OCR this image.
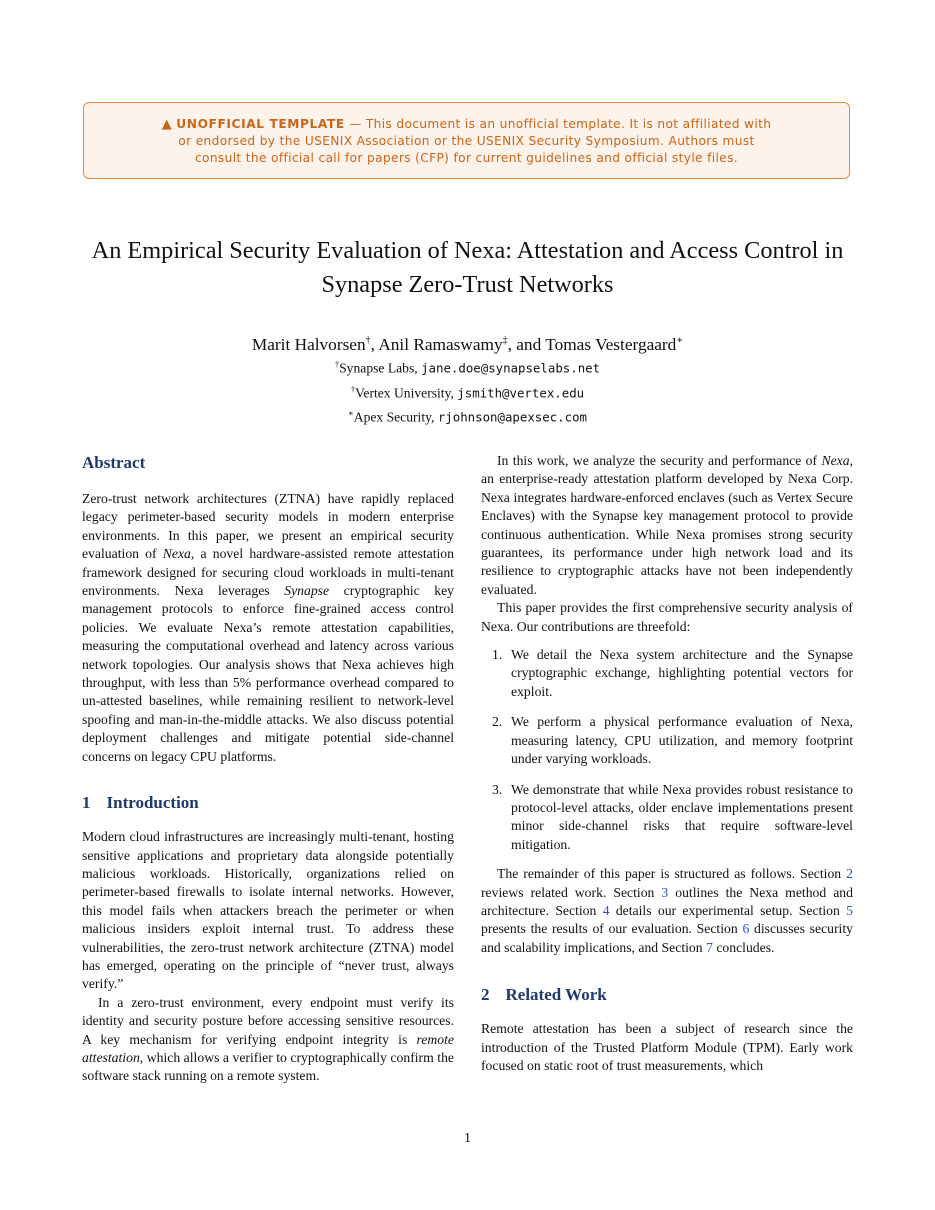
▲ UNOFFICIAL TEMPLATE — This document is an unofficial template. It is not affiliated with or endorsed by the USENIX Association or the USENIX Security Symposium. Authors must consult the official call for papers (CFP) for current guidelines and official style files.
An Empirical Security Evaluation of Nexa: Attestation and Access Control in Synapse Zero-Trust Networks
Marit Halvorsen†, Anil Ramaswamy‡, and Tomas Vestergaard∗

†Synapse Labs, jane.doe@synapselabs.net

†Vertex University, jsmith@vertex.edu

∗Apex Security, rjohnson@apexsec.com

Abstract

Zero-trust network architectures (ZTNA) have rapidly replaced legacy perimeter-based security models in modern enterprise environments. In this paper, we present an empirical security evaluation of Nexa, a novel hardware-assisted remote attestation framework designed for securing cloud workloads in multi-tenant environments. Nexa leverages Synapse cryptographic key management protocols to enforce fine-grained access control policies. We evaluate Nexa’s remote attestation capabilities, measuring the computational overhead and latency across various network topologies. Our analysis shows that Nexa achieves high throughput, with less than 5% performance overhead compared to un-attested baselines, while remaining resilient to network-level spoofing and man-in-the-middle attacks. We also discuss potential deployment challenges and mitigate potential side-channel concerns on legacy CPU platforms.

1 Introduction

Modern cloud infrastructures are increasingly multi-tenant, hosting sensitive applications and proprietary data alongside potentially malicious workloads. Historically, organizations relied on perimeter-based firewalls to isolate internal networks. However, this model fails when attackers breach the perimeter or when malicious insiders exploit internal trust. To address these vulnerabilities, the zero-trust network architecture (ZTNA) model has emerged, operating on the principle of “never trust, always verify.”

In a zero-trust environment, every endpoint must verify its identity and security posture before accessing sensitive resources. A key mechanism for verifying endpoint integrity is remote attestation, which allows a verifier to cryptographically confirm the software stack running on a remote system.

In this work, we analyze the security and performance of Nexa, an enterprise-ready attestation platform developed by Nexa Corp. Nexa integrates hardware-enforced enclaves (such as Vertex Secure Enclaves) with the Synapse key management protocol to provide continuous authentication. While Nexa promises strong security guarantees, its performance under high network load and its resilience to cryptographic attacks have not been independently evaluated.

This paper provides the first comprehensive security analysis of Nexa. Our contributions are threefold:

1. We detail the Nexa system architecture and the Synapse cryptographic exchange, highlighting potential vectors for exploit.
2. We perform a physical performance evaluation of Nexa, measuring latency, CPU utilization, and memory footprint under varying workloads.
3. We demonstrate that while Nexa provides robust resistance to protocol-level attacks, older enclave implementations present minor side-channel risks that require software-level mitigation.

The remainder of this paper is structured as follows. Section 2 reviews related work. Section 3 outlines the Nexa method and architecture. Section 4 details our experimental setup. Section 5 presents the results of our evaluation. Section 6 discusses security and scalability implications, and Section 7 concludes.

2 Related Work

Remote attestation has been a subject of research since the introduction of the Trusted Platform Module (TPM). Early work focused on static root of trust measurements, which

1
